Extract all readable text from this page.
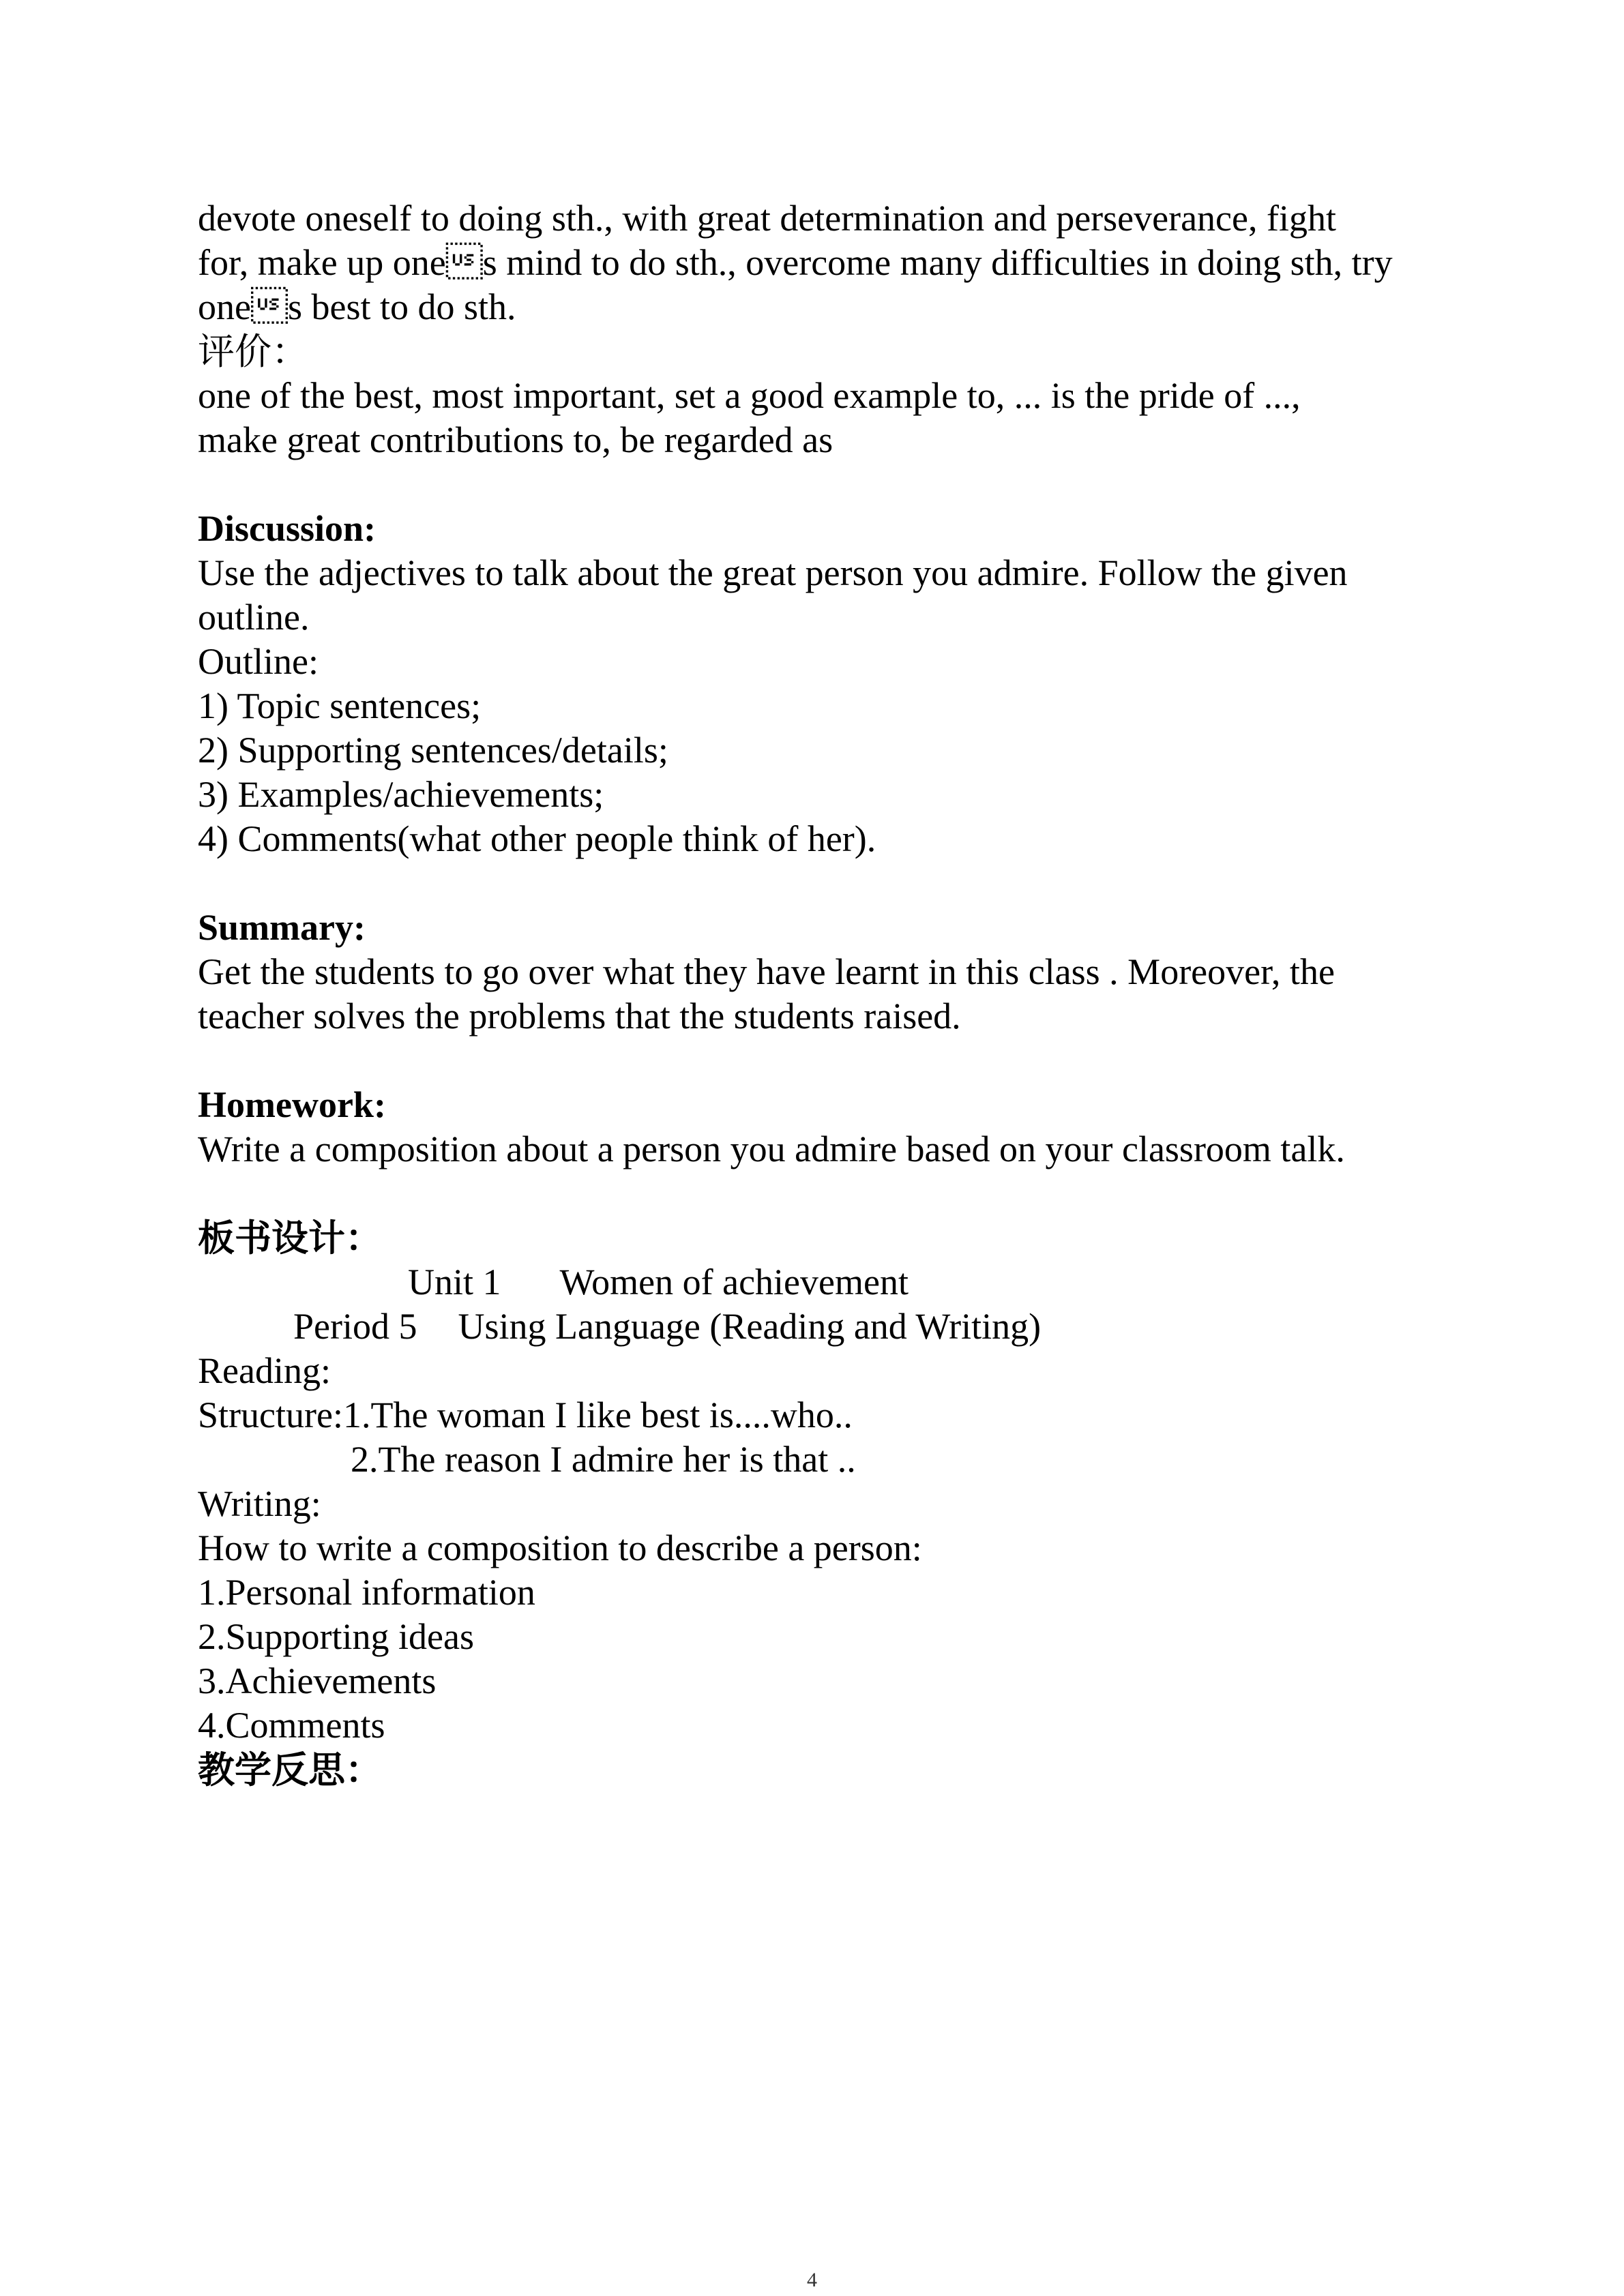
devote oneself to doing sth., with great determination and perseverance, fight
for, make up ones mind to do sth., overcome many difficulties in doing sth, try
ones best to do sth.
评价：
one of the best, most important, set a good example to, ... is the pride of ...,
make great contributions to, be regarded as
Discussion:
Use the adjectives to talk about the great person you admire. Follow the given
outline.
Outline:
1) Topic sentences;
2) Supporting sentences/details;
3) Examples/achievements;
4) Comments(what other people think of her).
Summary:
Get the students to go over what they have learnt in this class . Moreover, the
teacher solves the problems that the students raised.
Homework:
Write a composition about a person you admire based on your classroom talk.
板书设计：
Unit 1 Women of achievement
Period 5 Using Language (Reading and Writing)
Reading:
Structure:1.The woman I like best is....who..
2.The reason I admire her is that ..
Writing:
How to write a composition to describe a person:
1.Personal information
2.Supporting ideas
3.Achievements
4.Comments
教学反思：
4
